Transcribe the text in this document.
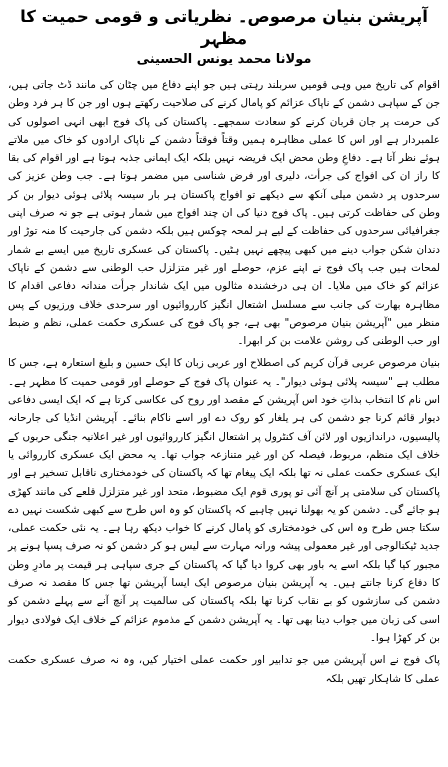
آپریشن بنیان مرصوص۔ نظریاتی و قومی حمیت کا مظہر
مولانا محمد یونس الحسینی

اقوام کی تاریخ میں وہی قومیں سربلند رہتی ہیں جو اپنے دفاع میں چٹان کی مانند ڈٹ جاتی ہیں، جن کے سپاہی دشمن کے ناپاک عزائم کو پامال کرنے کی صلاحیت رکھتے ہوں اور جن کا ہر فرد وطن کی حرمت پر جان قربان کرنے کو سعادت سمجھے۔ پاکستان کی پاک فوج ابھی انہی اصولوں کی علمبردار ہے اور اس کا عملی مظاہرہ ہمیں وقتاً فوقتاً دشمن کے ناپاک ارادوں کو خاک میں ملاتے ہوئے نظر آتا ہے۔ دفاعِ وطن محض ایک فریضہ نہیں بلکہ ایک ایمانی جذبہ ہوتا ہے اور اقوام کی بقا کا راز ان کی افواج کی جرأت، دلیری اور فرض شناسی میں مضمر ہوتا ہے۔ جب وطن عزیز کی سرحدوں پر دشمن میلی آنکھ سے دیکھے تو افواج پاکستان ہر بار سیسہ پلائی ہوئی دیوار بن کر وطن کی حفاظت کرتی ہیں۔ پاک فوج دنیا کی ان چند افواج میں شمار ہوتی ہے جو نہ صرف اپنی جغرافیائی سرحدوں کی حفاظت کے لیے ہر لمحہ چوکس ہیں بلکہ دشمن کی جارحیت کا منہ توڑ اور دندان شکن جواب دینے میں کبھی پیچھے نہیں ہٹیں۔ پاکستان کی عسکری تاریخ میں ایسے بے شمار لمحات ہیں جب پاک فوج نے اپنے عزم، حوصلے اور غیر متزلزل حب الوطنی سے دشمن کے ناپاک عزائم کو خاک میں ملایا۔ ان ہی درخشندہ مثالوں میں ایک شاندار جرأت مندانہ دفاعی اقدام کا مظاہرہ بھارت کی جانب سے مسلسل اشتعال انگیز کارروائیوں اور سرحدی خلاف ورزیوں کے پس منظر میں "آپریشن بنیان مرصوص" بھی ہے، جو پاک فوج کی عسکری حکمت عملی، نظم و ضبط اور حب الوطنی کی روشن علامت بن کر ابھرا۔

بنیان مرصوص عربی قرآن کریم کی اصطلاح اور عربی زبان کا ایک حسین و بلیغ استعارہ ہے، جس کا مطلب ہے "سیسہ پلائی ہوئی دیوار"۔ یہ عنوان پاک فوج کے حوصلے اور قومی حمیت کا مظہر ہے۔ اس نام کا انتخاب بذاتِ خود اس آپریشن کے مقصد اور روح کی عکاسی کرتا ہے کہ ایک ایسی دفاعی دیوار قائم کرنا جو دشمن کی ہر یلغار کو روک دے اور اسے ناکام بنائے۔ آپریشن انڈیا کی جارحانہ پالیسیوں، دراندازیوں اور لائن آف کنٹرول پر اشتعال انگیز کارروائیوں اور غیر اعلانیہ جنگی حربوں کے خلاف ایک منظم، مربوط، فیصلہ کن اور غیر متنازعہ جواب تھا۔ یہ محض ایک عسکری کارروائی یا ایک عسکری حکمت عملی نہ تھا بلکہ ایک پیغام تھا کہ پاکستان کی خودمختاری ناقابل تسخیر ہے اور پاکستان کی سلامتی پر آنچ آئی تو پوری قوم ایک مضبوط، متحد اور غیر متزلزل قلعے کی مانند کھڑی ہو جائے گی۔ دشمن کو یہ بھولنا نہیں چاہیے کہ پاکستان کو وہ اس طرح سے کبھی شکست نہیں دے سکتا جس طرح وہ اس کی خودمختاری کو پامال کرنے کا خواب دیکھ رہا ہے۔ یہ نئی حکمت عملی، جدید ٹیکنالوجی اور غیر معمولی پیشہ ورانہ مہارت سے لیس ہو کر دشمن کو نہ صرف پسپا ہونے پر مجبور کیا گیا بلکہ اسے یہ باور بھی کروا دیا گیا کہ پاکستان کے جری سپاہی ہر قیمت پر مادرِ وطن کا دفاع کرنا جانتے ہیں۔ یہ آپریشن بنیان مرصوص ایک ایسا آپریشن تھا جس کا مقصد نہ صرف دشمن کی سازشوں کو بے نقاب کرنا تھا بلکہ پاکستان کی سالمیت پر آنچ آنے سے پہلے دشمن کو اسی کی زبان میں جواب دینا بھی تھا۔ یہ آپریشن دشمن کے مذموم عزائم کے خلاف ایک فولادی دیوار بن کر کھڑا ہوا۔

پاک فوج نے اس آپریشن میں جو تدابیر اور حکمت عملی اختیار کیں، وہ نہ صرف عسکری حکمت عملی کا شاہکار تھیں بلکہ
